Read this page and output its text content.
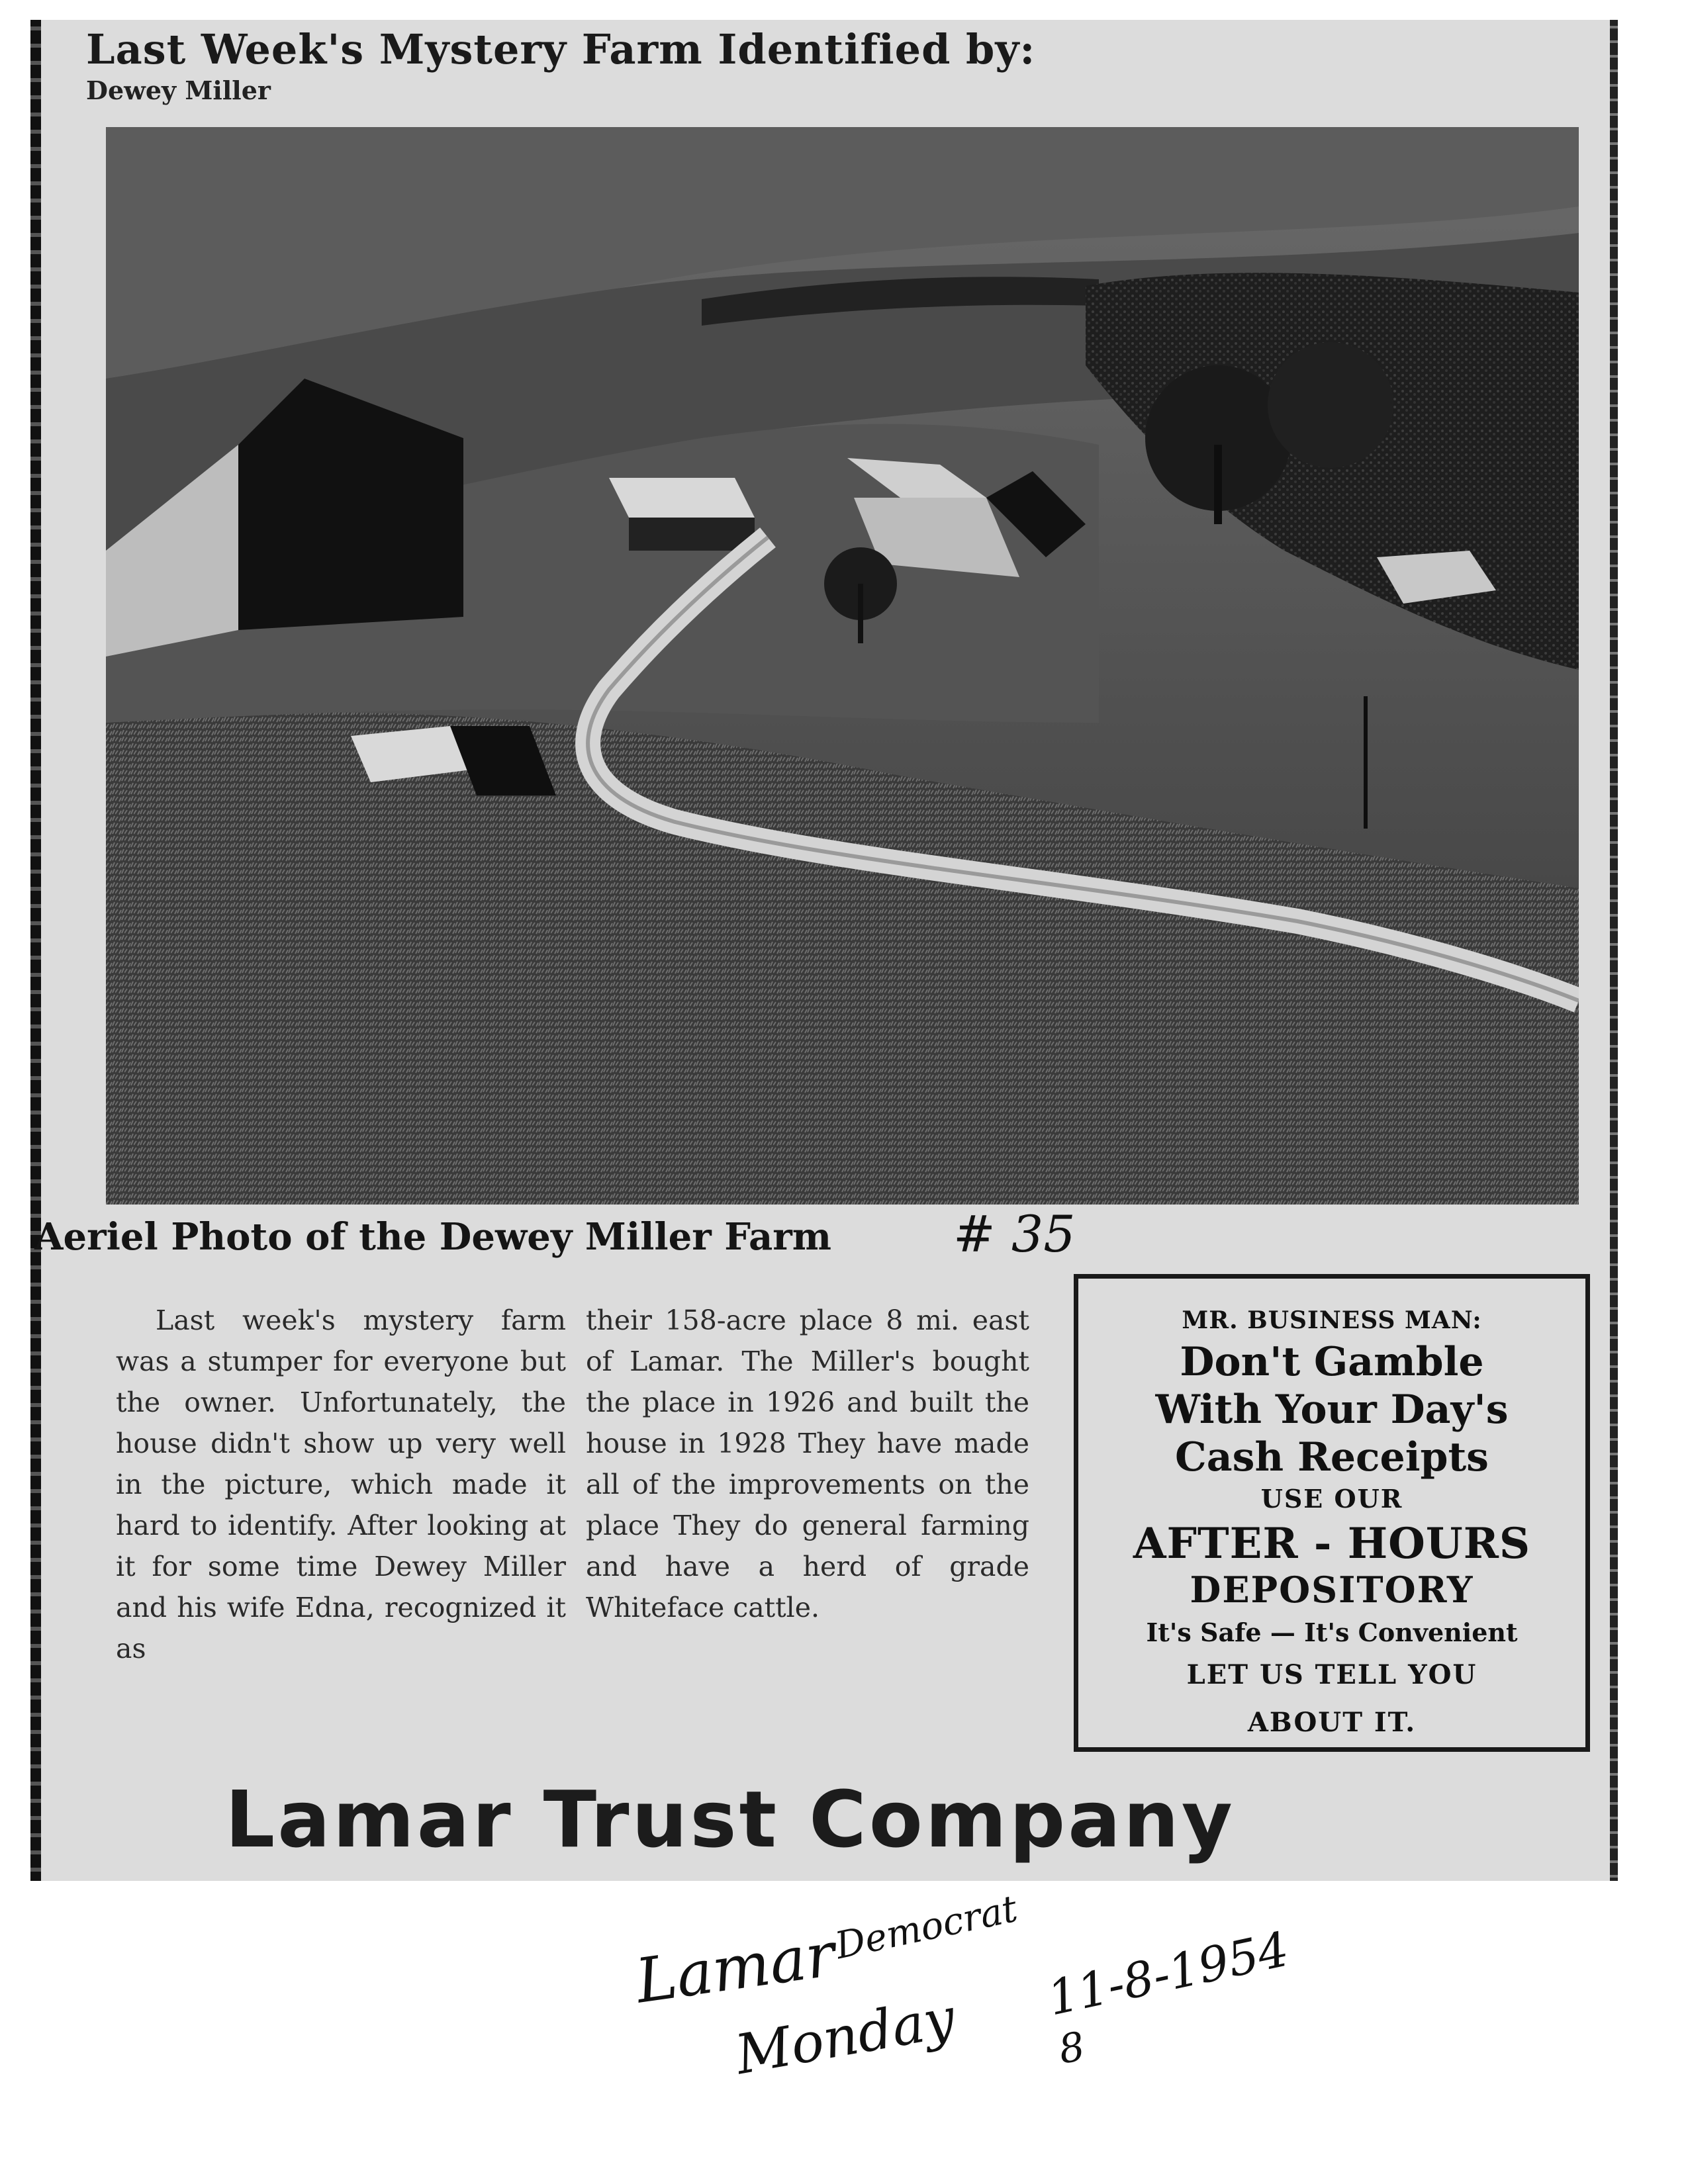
Last Week's Mystery Farm Identified by:
Dewey Miller
Aeriel Photo of the Dewey Miller Farm # 35

Last week's mystery farm was a stumper for everyone but the owner. Unfortunately, the house didn't show up very well in the picture, which made it hard to identify. After looking at it for some time Dewey Miller and his wife Edna, recognized it as

their 158-acre place 8 mi. east of Lamar. The Miller's bought the place in 1926 and built the house in 1928 They have made all of the improvements on the place They do general farming and have a herd of grade Whiteface cattle.

MR. BUSINESS MAN:
Don't Gamble
With Your Day's
Cash Receipts
USE OUR
AFTER - HOURS
DEPOSITORY
It's Safe — It's Convenient
LET US TELL YOU
ABOUT IT.
Lamar Trust Company
Lamar
Democrat
Monday
11-8-1954
8
